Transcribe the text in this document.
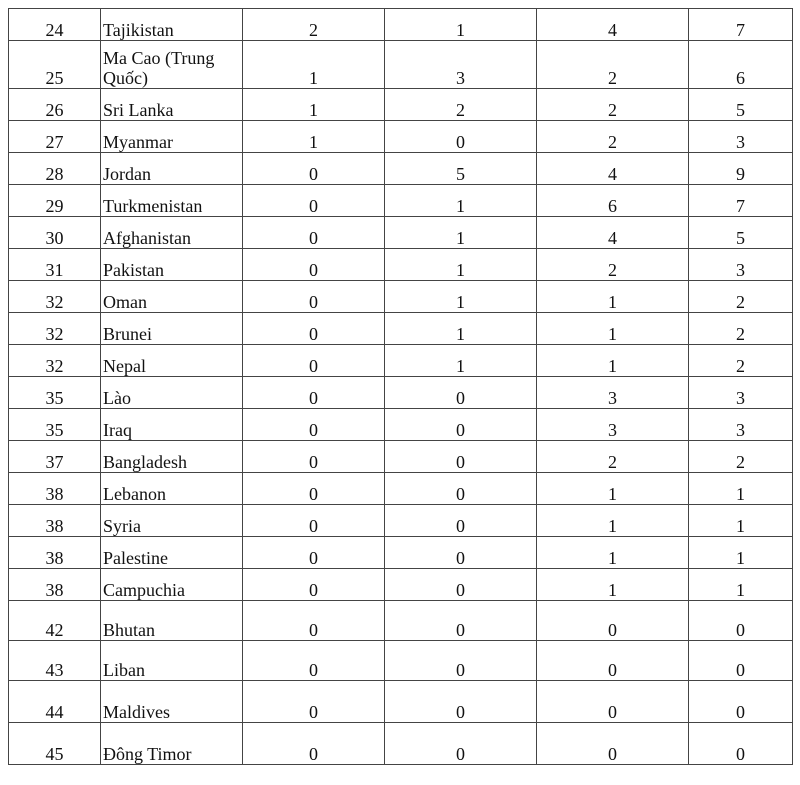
24	Tajikistan	2	1	4	7
25	Ma Cao (Trung Quốc)	1	3	2	6
26	Sri Lanka	1	2	2	5
27	Myanmar	1	0	2	3
28	Jordan	0	5	4	9
29	Turkmenistan	0	1	6	7
30	Afghanistan	0	1	4	5
31	Pakistan	0	1	2	3
32	Oman	0	1	1	2
32	Brunei	0	1	1	2
32	Nepal	0	1	1	2
35	Lào	0	0	3	3
35	Iraq	0	0	3	3
37	Bangladesh	0	0	2	2
38	Lebanon	0	0	1	1
38	Syria	0	0	1	1
38	Palestine	0	0	1	1
38	Campuchia	0	0	1	1
42	Bhutan	0	0	0	0
43	Liban	0	0	0	0
44	Maldives	0	0	0	0
45	Đông Timor	0	0	0	0
